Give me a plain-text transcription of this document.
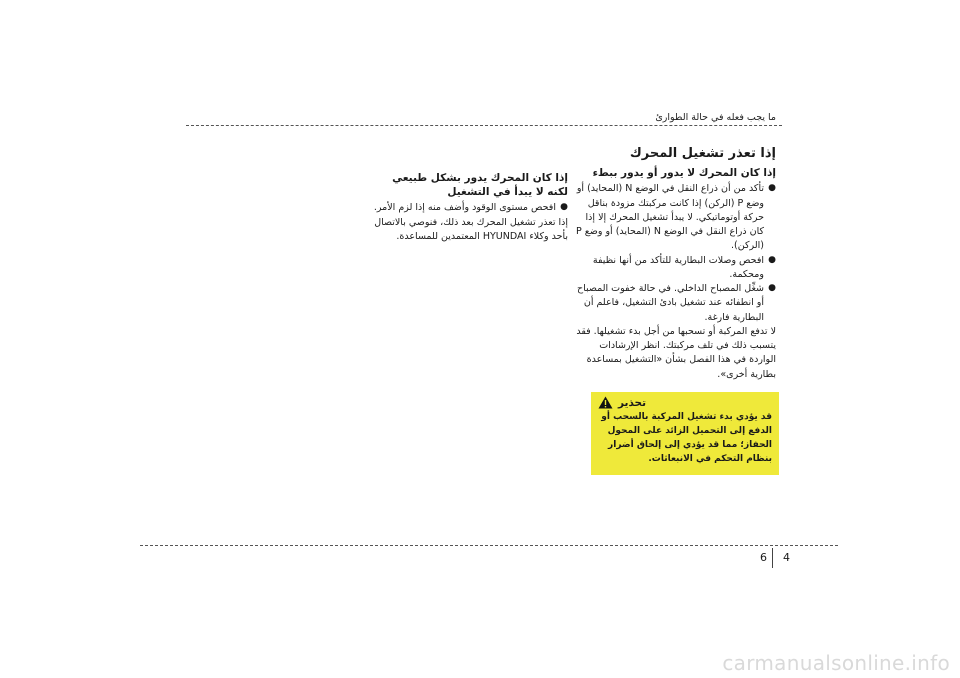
ما يجب فعله في حالة الطوارئ
إذا تعذر تشغيل المحرك
إذا كان المحرك لا يدور أو يدور ببطء
●
تأكد من أن ذراع النقل في الوضع N (المحايد) أو وضع P (الركن) إذا كانت مركبتك مزودة بناقل حركة أوتوماتيكي. لا يبدأ تشغيل المحرك إلا إذا كان ذراع النقل في الوضع N (المحايد) أو وضع P (الركن).
●
افحص وصلات البطارية للتأكد من أنها نظيفة ومحكمة.
●
شغِّل المصباح الداخلي. في حالة خفوت المصباح أو انطفائه عند تشغيل بادئ التشغيل، فاعلم أن البطارية فارغة.

لا تدفع المركبة أو تسحبها من أجل بدء تشغيلها. فقد يتسبب ذلك في تلف مركبتك. انظر الإرشادات الواردة في هذا الفصل بشأن «التشغيل بمساعدة بطارية أخرى».

إذا كان المحرك يدور بشكل طبيعي لكنه لا يبدأ في التشغيل
●
افحص مستوى الوقود وأضف منه إذا لزم الأمر.

إذا تعذر تشغيل المحرك بعد ذلك، فنوصي بالاتصال بأحد وكلاء HYUNDAI المعتمدين للمساعدة.

تحذير
قد يؤدي بدء تشغيل المركبة بالسحب أو الدفع إلى التحميل الزائد على المحول الحفاز؛ مما قد يؤدي إلى إلحاق أضرار بنظام التحكم في الانبعاثات.
6 4
carmanualsonline.info
